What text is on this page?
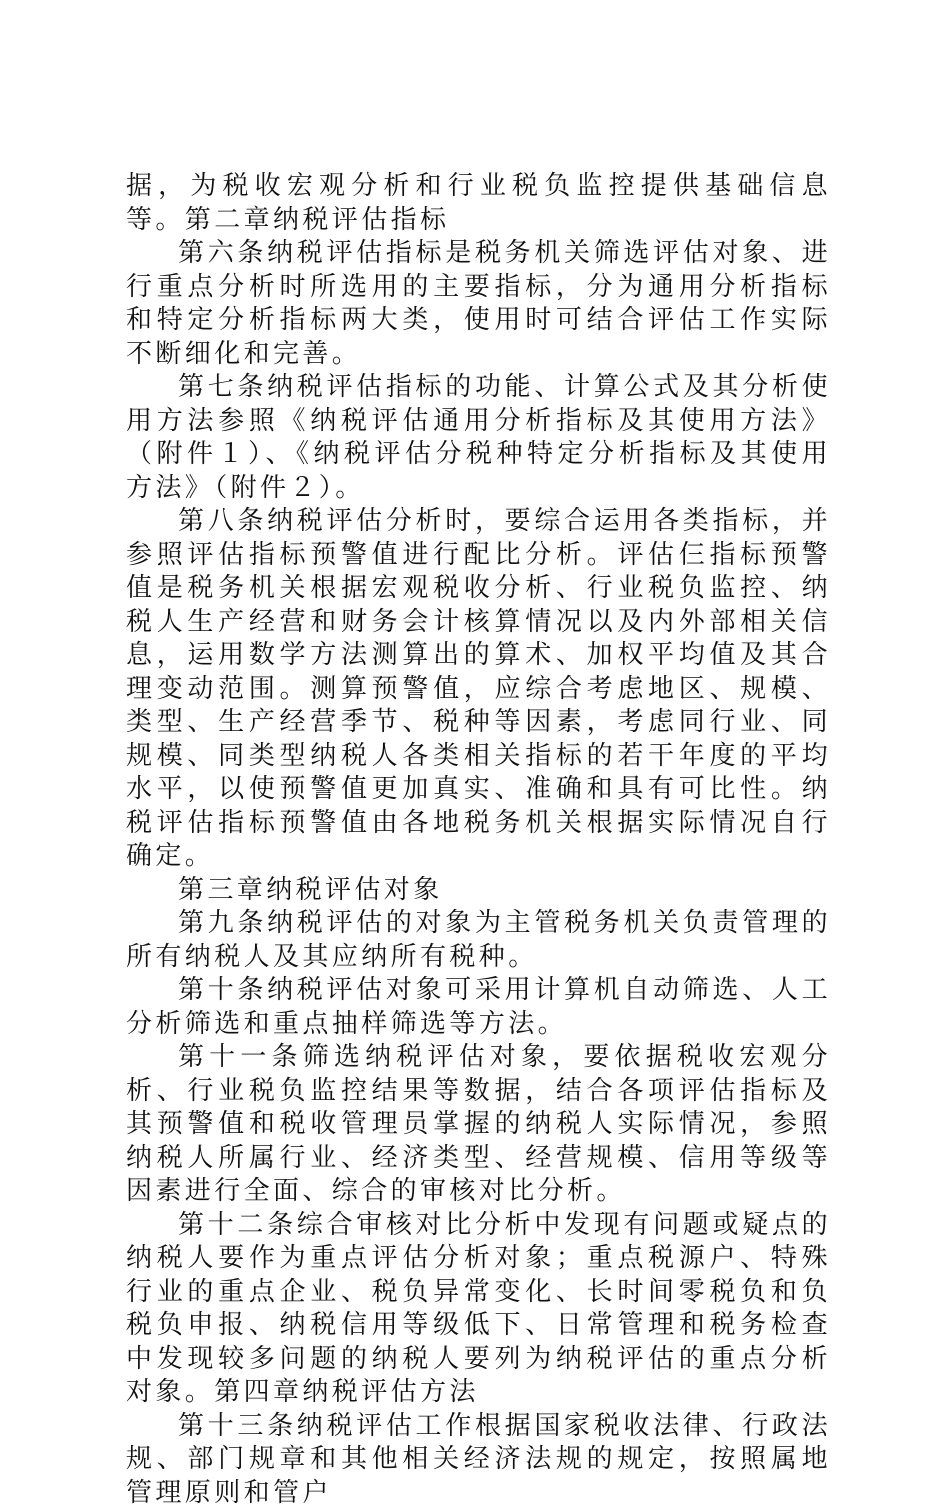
据，为税收宏观分析和行业税负监控提供基础信息等。第二章纳税评估指标

第六条纳税评估指标是税务机关筛选评估对象、进行重点分析时所选用的主要指标，分为通用分析指标和特定分析指标两大类，使用时可结合评估工作实际不断细化和完善。

第七条纳税评估指标的功能、计算公式及其分析使用方法参照《纳税评估通用分析指标及其使用方法》（附件１）、《纳税评估分税种特定分析指标及其使用方法》（附件２）。

第八条纳税评估分析时，要综合运用各类指标，并参照评估指标预警值进行配比分析。评估仨指标预警值是税务机关根据宏观税收分析、行业税负监控、纳税人生产经营和财务会计核算情况以及内外部相关信息，运用数学方法测算出的算术、加权平均值及其合理变动范围。测算预警值，应综合考虑地区、规模、类型、生产经营季节、税种等因素，考虑同行业、同规模、同类型纳税人各类相关指标的若干年度的平均水平，以使预警值更加真实、准确和具有可比性。纳税评估指标预警值由各地税务机关根据实际情况自行确定。

第三章纳税评估对象

第九条纳税评估的对象为主管税务机关负责管理的所有纳税人及其应纳所有税种。

第十条纳税评估对象可采用计算机自动筛选、人工分析筛选和重点抽样筛选等方法。

第十一条筛选纳税评估对象，要依据税收宏观分析、行业税负监控结果等数据，结合各项评估指标及其预警值和税收管理员掌握的纳税人实际情况，参照纳税人所属行业、经济类型、经营规模、信用等级等因素进行全面、综合的审核对比分析。

第十二条综合审核对比分析中发现有问题或疑点的纳税人要作为重点评估分析对象；重点税源户、特殊行业的重点企业、税负异常变化、长时间零税负和负税负申报、纳税信用等级低下、日常管理和税务检查中发现较多问题的纳税人要列为纳税评估的重点分析对象。第四章纳税评估方法

第十三条纳税评估工作根据国家税收法律、行政法规、部门规章和其他相关经济法规的规定，按照属地管理原则和管户
